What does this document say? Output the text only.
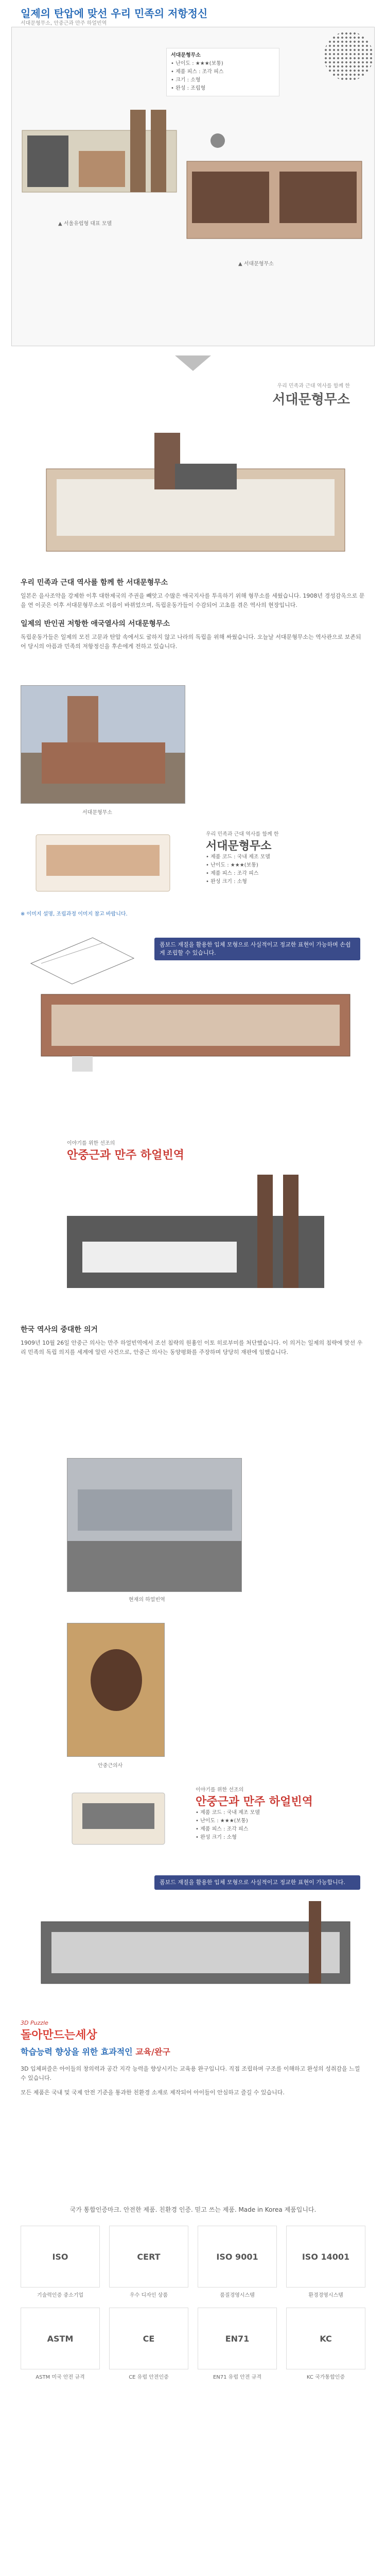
일제의 탄압에 맞선 우리 민족의 저항정신
서대문형무소, 안중근과 만주 하얼빈역
서대문형무소
• 난이도 : ★★★(보통)
• 제품 피스 : 조각 피스
• 크기 : 소형
• 완성 : 조립형
▲ 서울유럽형 대표 모델
▲ 서대문형무소
우리 민족과 근대 역사를 함께 한
서대문형무소
우리 민족과 근대 역사를 함께 한 서대문형무소
일본은 을사조약을 강제한 이후 대한제국의 주권을 빼앗고 수많은 애국지사를 투옥하기 위해 형무소를 세웠습니다. 1908년 경성감옥으로 문을 연 이곳은 이후 서대문형무소로 이름이 바뀌었으며, 독립운동가들이 수감되어 고초를 겪은 역사의 현장입니다.
일제의 반인권 저항한 애국열사의 서대문형무소
독립운동가들은 일제의 모진 고문과 탄압 속에서도 굴하지 않고 나라의 독립을 위해 싸웠습니다. 오늘날 서대문형무소는 역사관으로 보존되어 당시의 아픔과 민족의 저항정신을 후손에게 전하고 있습니다.
서대문형무소
우리 민족과 근대 역사를 함께 한
서대문형무소
• 제품 코드 : 국내 제조 모델
• 난이도 : ★★★(보통)
• 제품 피스 : 조각 피스
• 완성 크기 : 소형
※ 이미지 설명, 조립과정 이미지 참고 바랍니다.
폼보드 재질을 활용한 입체 모형으로 사실적이고 정교한 표현이 가능하며 손쉽게 조립할 수 있습니다.
이야기를 위한 선조의
안중근과 만주 하얼빈역
한국 역사의 중대한 의거
1909년 10월 26일 안중근 의사는 만주 하얼빈역에서 조선 침략의 원흉인 이토 히로부미를 처단했습니다. 이 의거는 일제의 침략에 맞선 우리 민족의 독립 의지를 세계에 알린 사건으로, 안중근 의사는 동양평화를 주장하며 당당히 재판에 임했습니다.
현재의 하얼빈역
안중근의사
이야기를 위한 선조의
안중근과 만주 하얼빈역
• 제품 코드 : 국내 제조 모델
• 난이도 : ★★★(보통)
• 제품 피스 : 조각 피스
• 완성 크기 : 소형
폼보드 재질을 활용한 입체 모형으로 사실적이고 정교한 표현이 가능합니다.
3D Puzzle
돌아만드는세상
학습능력 향상을 위한 효과적인 교육/완구
3D 입체퍼즐은 아이들의 창의력과 공간 지각 능력을 향상시키는 교육용 완구입니다. 직접 조립하며 구조를 이해하고 완성의 성취감을 느낄 수 있습니다.
모든 제품은 국내 및 국제 안전 기준을 통과한 친환경 소재로 제작되어 아이들이 안심하고 즐길 수 있습니다.
국가 통합인증마크. 안전한 제품. 친환경 인증. 믿고 쓰는 제품. Made in Korea 제품입니다.
ISO
기술력인증 중소기업
CERT
우수 디자인 상품
ISO 9001
품질경영시스템
ISO 14001
환경경영시스템
ASTM
ASTM 미국 안전 규격
CE
CE 유럽 안전인증
EN71
EN71 유럽 안전 규격
KC
KC 국가통합인증
